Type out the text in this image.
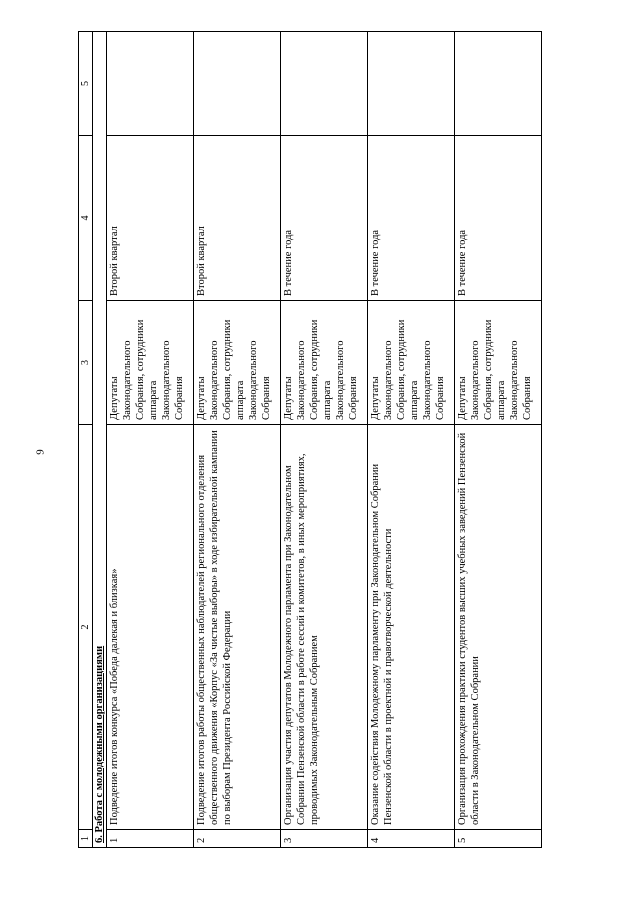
9
1	2	3	4	5
6. Работа с молодежными организациями				
1	Подведение итогов конкурса «Победа далекая и близкая»	Депутаты Законодательного Собрания, сотрудники аппарата Законодательного Собрания	Второй квартал	
2	Подведение итогов работы общественных наблюдателей регионального отделения общественного движения «Корпус «За чистые выборы» в ходе избирательной кампании по выборам Президента Российской Федерации	Депутаты Законодательного Собрания, сотрудники аппарата Законодательного Собрания	Второй квартал	
3	Организация участия депутатов Молодежного парламента при Законодательном Собрании Пензенской области в работе сессий и комитетов, в иных мероприятиях, проводимых Законодательным Собранием	Депутаты Законодательного Собрания, сотрудники аппарата Законодательного Собрания	В течение года	
4	Оказание содействия Молодежному парламенту при Законодательном Собрании Пензенской области в проектной и правотворческой деятельности	Депутаты Законодательного Собрания, сотрудники аппарата Законодательного Собрания	В течение года	
5	Организация прохождения практики студентов высших учебных заведений Пензенской области в Законодательном Собрании	Депутаты Законодательного Собрания, сотрудники аппарата Законодательного Собрания	В течение года	
